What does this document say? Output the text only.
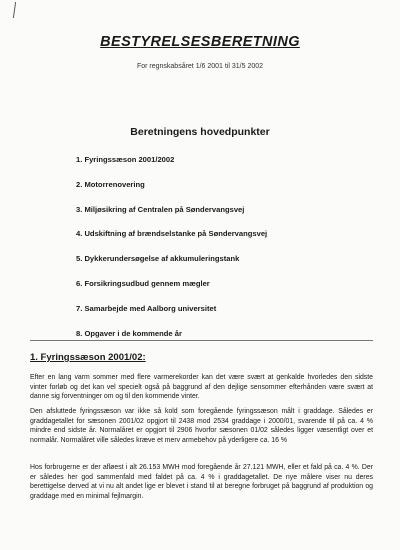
BESTYRELSESBERETNING
For regnskabsåret 1/6 2001 til 31/5 2002
Beretningens hovedpunkter
1. Fyringssæson 2001/2002
2. Motorrenovering
3. Miljøsikring af Centralen på Søndervangsvej
4. Udskiftning af brændselstanke på Søndervangsvej
5. Dykkerundersøgelse af akkumuleringstank
6. Forsikringsudbud gennem mægler
7. Samarbejde med Aalborg universitet
8. Opgaver i de kommende år
1. Fyringssæson 2001/02:

Efter en lang varm sommer med flere varmerekorder kan det være svært at genkalde hvorledes den sidste vinter forløb og det kan vel specielt også på baggrund af den dejlige sensommer efterhånden være svært at danne sig forventninger om og til den kommende vinter.

Den afsluttede fyringssæson var ikke så kold som foregående fyringssæson målt i graddage. Således er graddagetallet for sæsonen 2001/02 opgjort til 2438 mod 2534 graddage i 2000/01, svarende til på ca. 4 % mindre end sidste år. Normalåret er opgjort til 2906 hvorfor sæsonen 01/02 således ligger væsentligt over et normalår. Normalåret ville således kræve et merv armebehov på yderligere ca. 16 %

Hos forbrugerne er der afløest i alt 26.153 MWH mod foregående år 27.121 MWH, eller et fald på ca. 4 %. Der er således her god sammenfald med faldet på ca. 4 % i graddagetallet. De nye målere viser nu deres berettigelse derved at vi nu alt andet lige er blevet i stand til at beregne forbruget på baggrund af produktion og graddage med en minimal fejlmargin.
